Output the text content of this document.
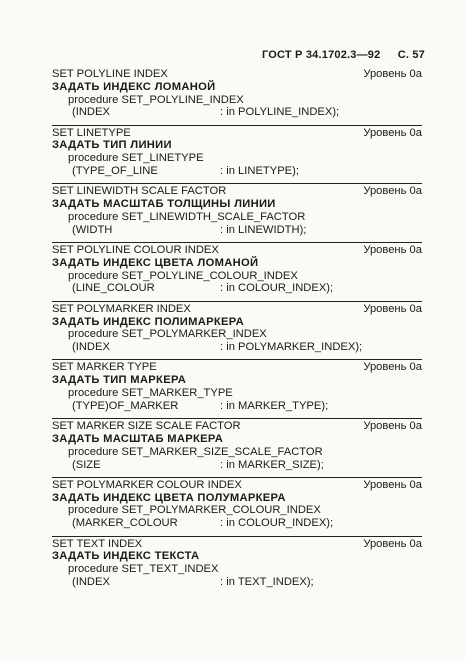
ГОСТ Р 34.1702.3—92 С. 57
SET POLYLINE INDEX	Уровень 0a
ЗАДАТЬ ИНДЕКС ЛОМАНОЙ
procedure SET_POLYLINE_INDEX
(INDEX	: in POLYLINE_INDEX);
SET LINETYPE	Уровень 0a
ЗАДАТЬ ТИП ЛИНИИ
procedure SET_LINETYPE
(TYPE_OF_LINE	: in LINETYPE);
SET LINEWIDTH SCALE FACTOR	Уровень 0a
ЗАДАТЬ МАСШТАБ ТОЛЩИНЫ ЛИНИИ
procedure SET_LINEWIDTH_SCALE_FACTOR
(WIDTH	: in LINEWIDTH);
SET POLYLINE COLOUR INDEX	Уровень 0a
ЗАДАТЬ ИНДЕКС ЦВЕТА ЛОМАНОЙ
procedure SET_POLYLINE_COLOUR_INDEX
(LINE_COLOUR	: in COLOUR_INDEX);
SET POLYMARKER INDEX	Уровень 0a
ЗАДАТЬ ИНДЕКС ПОЛИМАРКЕРА
procedure SET_POLYMARKER_INDEX
(INDEX	: in POLYMARKER_INDEX);
SET MARKER TYPE	Уровень 0a
ЗАДАТЬ ТИП МАРКЕРА
procedure SET_MARKER_TYPE
(TYPE)OF_MARKER	: in MARKER_TYPE);
SET MARKER SIZE SCALE FACTOR	Уровень 0a
ЗАДАТЬ МАСШТАБ МАРКЕРА
procedure SET_MARKER_SIZE_SCALE_FACTOR
(SIZE	: in MARKER_SIZE);
SET POLYMARKER COLOUR INDEX	Уровень 0a
ЗАДАТЬ ИНДЕКС ЦВЕТА ПОЛУМАРКЕРА
procedure SET_POLYMARKER_COLOUR_INDEX
(MARKER_COLOUR	: in COLOUR_INDEX);
SET TEXT INDEX	Уровень 0a
ЗАДАТЬ ИНДЕКС ТЕКСТА
procedure SET_TEXT_INDEX
(INDEX	: in TEXT_INDEX);
